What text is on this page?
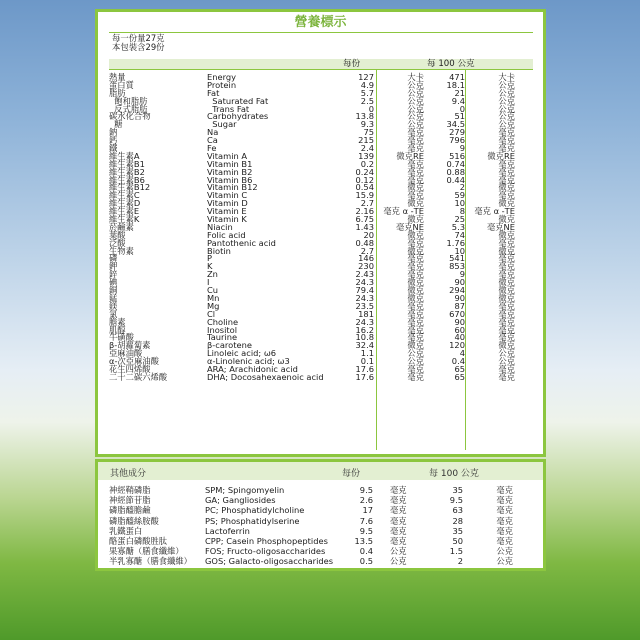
營養標示
每一份量27克
本包裝含29份
每份	每 100 公克
熱量	Energy	127	大卡	471	大卡
蛋白質	Protein	4.9	公克	18.1	公克
脂肪	Fat	5.7	公克	21	公克
飽和脂肪	Saturated Fat	2.5	公克	9.4	公克
反式脂肪	Trans Fat	0	公克	0	公克
碳水化合物	Carbohydrates	13.8	公克	51	公克
糖	Sugar	9.3	公克	34.5	公克
鈉	Na	75	毫克	279	毫克
鈣	Ca	215	毫克	796	毫克
鐵	Fe	2.4	毫克	9	毫克
維生素A	Vitamin A	139	微克RE	516	微克RE
維生素B1	Vitamin B1	0.2	毫克	0.74	毫克
維生素B2	Vitamin B2	0.24	毫克	0.88	毫克
維生素B6	Vitamin B6	0.12	毫克	0.44	毫克
維生素B12	Vitamin B12	0.54	微克	2	微克
維生素C	Vitamin C	15.9	毫克	59	毫克
維生素D	Vitamin D	2.7	微克	10	微克
維生素E	Vitamin E	2.16	毫克 α -TE	8	毫克 α -TE
維生素K	Vitamin K	6.75	微克	25	微克
菸鹼素	Niacin	1.43	毫克NE	5.3	毫克NE
葉酸	Folic acid	20	微克	74	微克
泛酸	Pantothenic acid	0.48	毫克	1.76	毫克
生物素	Biotin	2.7	微克	10	微克
磷	P	146	毫克	541	毫克
鉀	K	230	毫克	853	毫克
鋅	Zn	2.43	毫克	9	毫克
碘	I	24.3	微克	90	微克
銅	Cu	79.4	微克	294	微克
錳	Mn	24.3	微克	90	微克
鎂	Mg	23.5	毫克	87	毫克
氯	Cl	181	毫克	670	毫克
膽素	Choline	24.3	毫克	90	毫克
肌醇	Inositol	16.2	毫克	60	毫克
牛磺酸	Taurine	10.8	毫克	40	毫克
β-胡蘿蔔素	β-carotene	32.4	微克	120	微克
亞麻油酸	Linoleic acid; ω6	1.1	公克	4	公克
α-次亞麻油酸	α-Linolenic acid; ω3	0.1	公克	0.4	公克
花生四烯酸	ARA; Arachidonic acid	17.6	毫克	65	毫克
二十二碳六烯酸	DHA; Docosahexaenoic acid	17.6	毫克	65	毫克
其他成分	每份	每 100 公克
神經鞘磷脂	SPM; Spingomyelin	9.5 毫克	35	毫克
神經節苷脂	GA; Gangliosides	2.6 毫克	9.5	毫克
磷脂醯膽鹼	PC; Phosphatidylcholine	17 毫克	63	毫克
磷脂醯絲胺酸	PS; Phosphatidylserine	7.6 毫克	28	毫克
乳鐵蛋白	Lactoferrin	9.5 毫克	35	毫克
酪蛋白磷酸胜肽	CPP; Casein Phosphopeptides	13.5 毫克	50	毫克
果寡醣（膳食纖維）	FOS; Fructo-oligosaccharides	0.4 公克	1.5	公克
半乳寡醣（膳食纖維） GOS; Galacto-oligosaccharides	0.5 公克	2	公克
